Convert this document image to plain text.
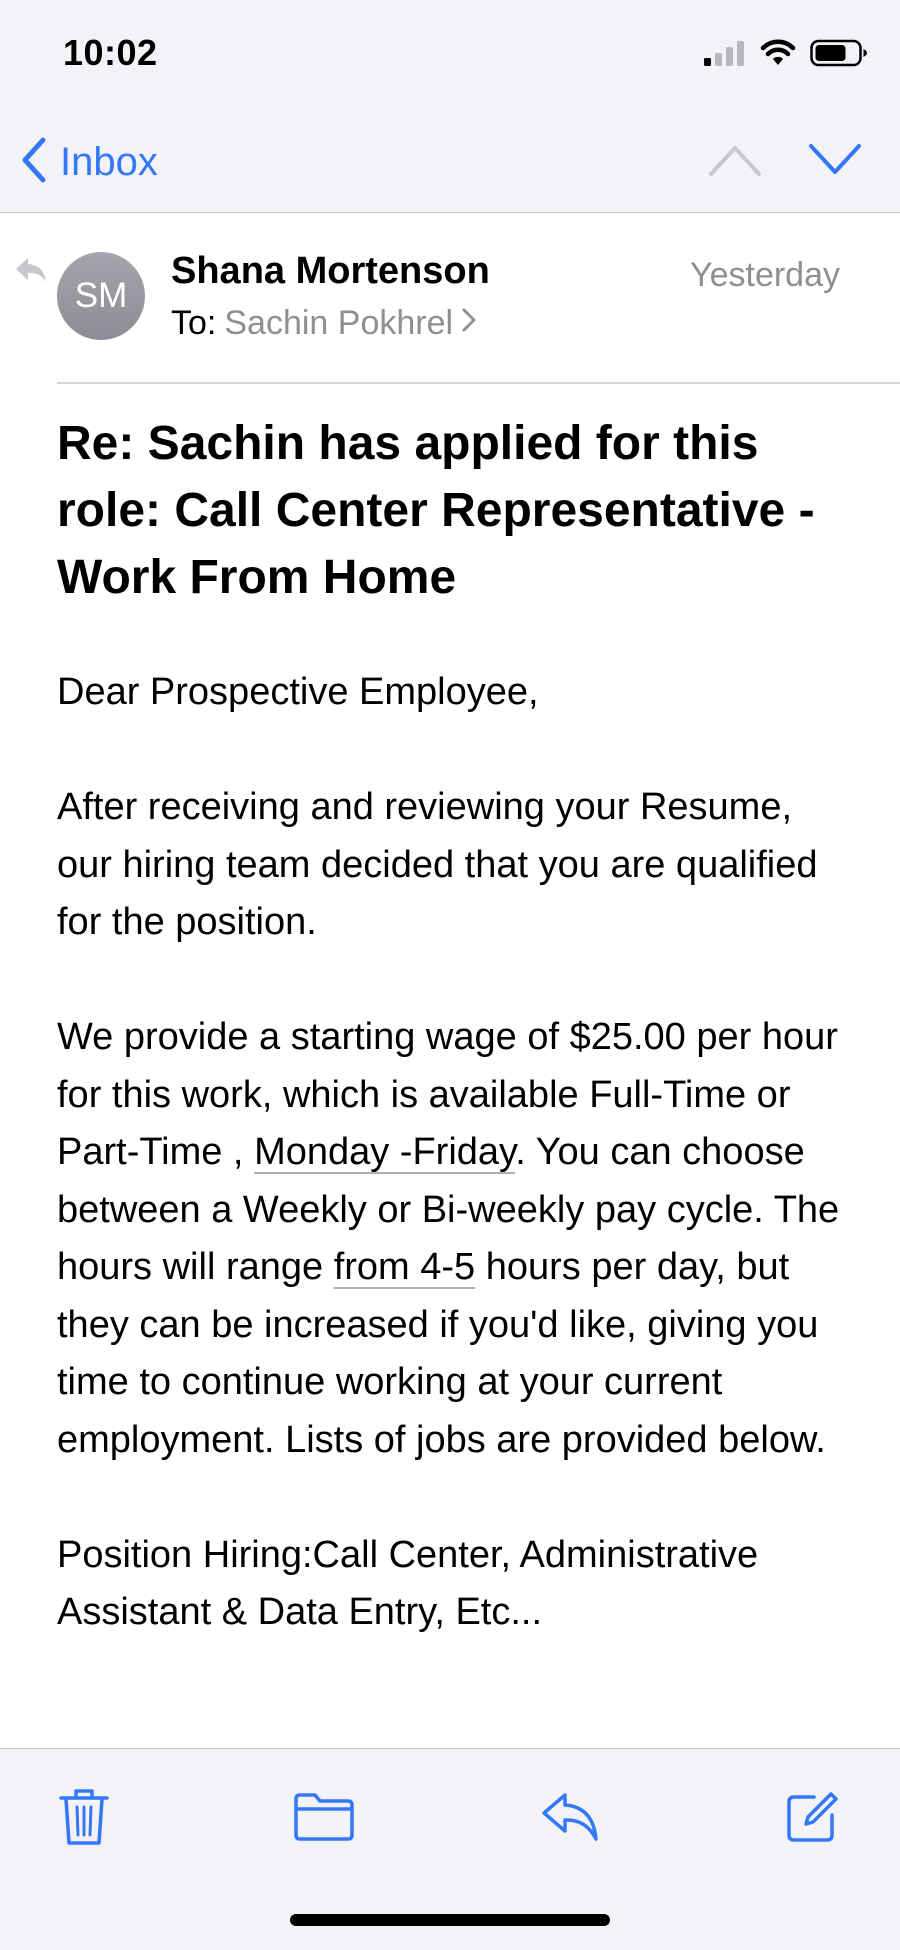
10:02
Inbox
SM
Shana Mortenson
To: Sachin Pokhrel
Yesterday
Re: Sachin has applied for this role: Call Center Representative - Work From Home

Dear Prospective Employee,

After receiving and reviewing your Resume, our hiring team decided that you are qualified for the position.

We provide a starting wage of $25.00 per hour for this work, which is available Full-Time or Part-Time , Monday -Friday. You can choose between a Weekly or Bi-weekly pay cycle. The hours will range from 4-5 hours per day, but they can be increased if you'd like, giving you time to continue working at your current employment. Lists of jobs are provided below.

Position Hiring:Call Center, Administrative Assistant & Data Entry, Etc...
